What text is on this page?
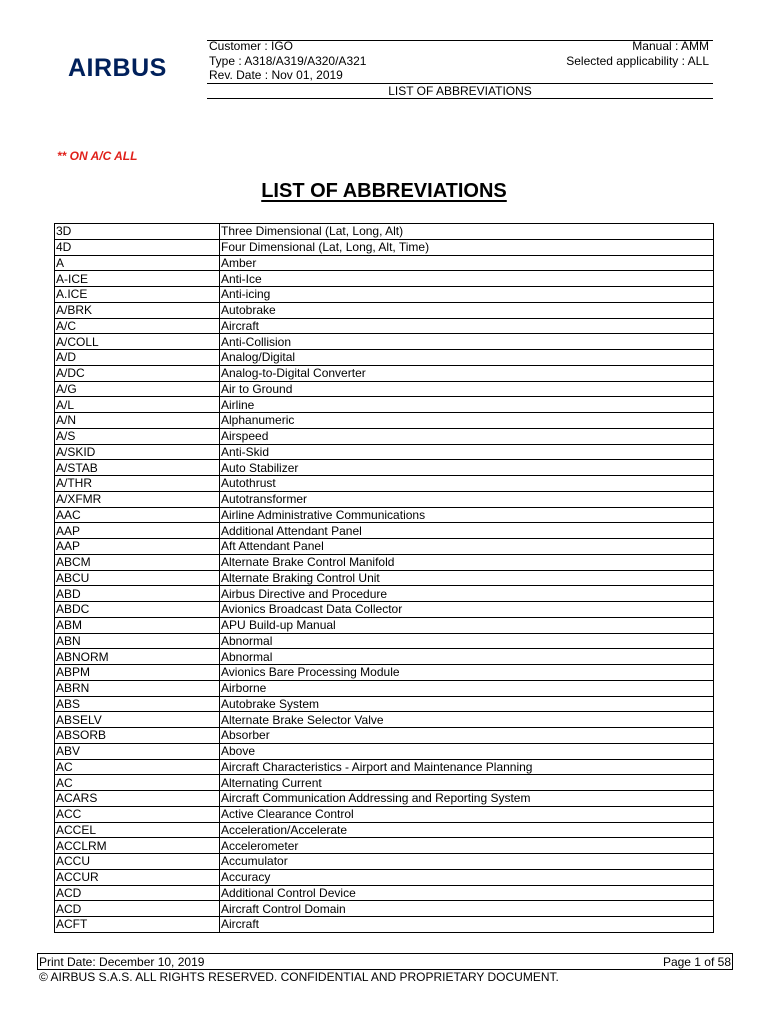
AIRBUS
Customer : IGO	Manual : AMM
Type : A318/A319/A320/A321	Selected applicability : ALL
Rev. Date : Nov 01, 2019
LIST OF ABBREVIATIONS
** ON A/C ALL
LIST OF ABBREVIATIONS
3D	Three Dimensional (Lat, Long, Alt)
4D	Four Dimensional (Lat, Long, Alt, Time)
A	Amber
A-ICE	Anti-Ice
A.ICE	Anti-icing
A/BRK	Autobrake
A/C	Aircraft
A/COLL	Anti-Collision
A/D	Analog/Digital
A/DC	Analog-to-Digital Converter
A/G	Air to Ground
A/L	Airline
A/N	Alphanumeric
A/S	Airspeed
A/SKID	Anti-Skid
A/STAB	Auto Stabilizer
A/THR	Autothrust
A/XFMR	Autotransformer
AAC	Airline Administrative Communications
AAP	Additional Attendant Panel
AAP	Aft Attendant Panel
ABCM	Alternate Brake Control Manifold
ABCU	Alternate Braking Control Unit
ABD	Airbus Directive and Procedure
ABDC	Avionics Broadcast Data Collector
ABM	APU Build-up Manual
ABN	Abnormal
ABNORM	Abnormal
ABPM	Avionics Bare Processing Module
ABRN	Airborne
ABS	Autobrake System
ABSELV	Alternate Brake Selector Valve
ABSORB	Absorber
ABV	Above
AC	Aircraft Characteristics - Airport and Maintenance Planning
AC	Alternating Current
ACARS	Aircraft Communication Addressing and Reporting System
ACC	Active Clearance Control
ACCEL	Acceleration/Accelerate
ACCLRM	Accelerometer
ACCU	Accumulator
ACCUR	Accuracy
ACD	Additional Control Device
ACD	Aircraft Control Domain
ACFT	Aircraft
Print Date: December 10, 2019	Page 1 of 58
© AIRBUS S.A.S. ALL RIGHTS RESERVED. CONFIDENTIAL AND PROPRIETARY DOCUMENT.
